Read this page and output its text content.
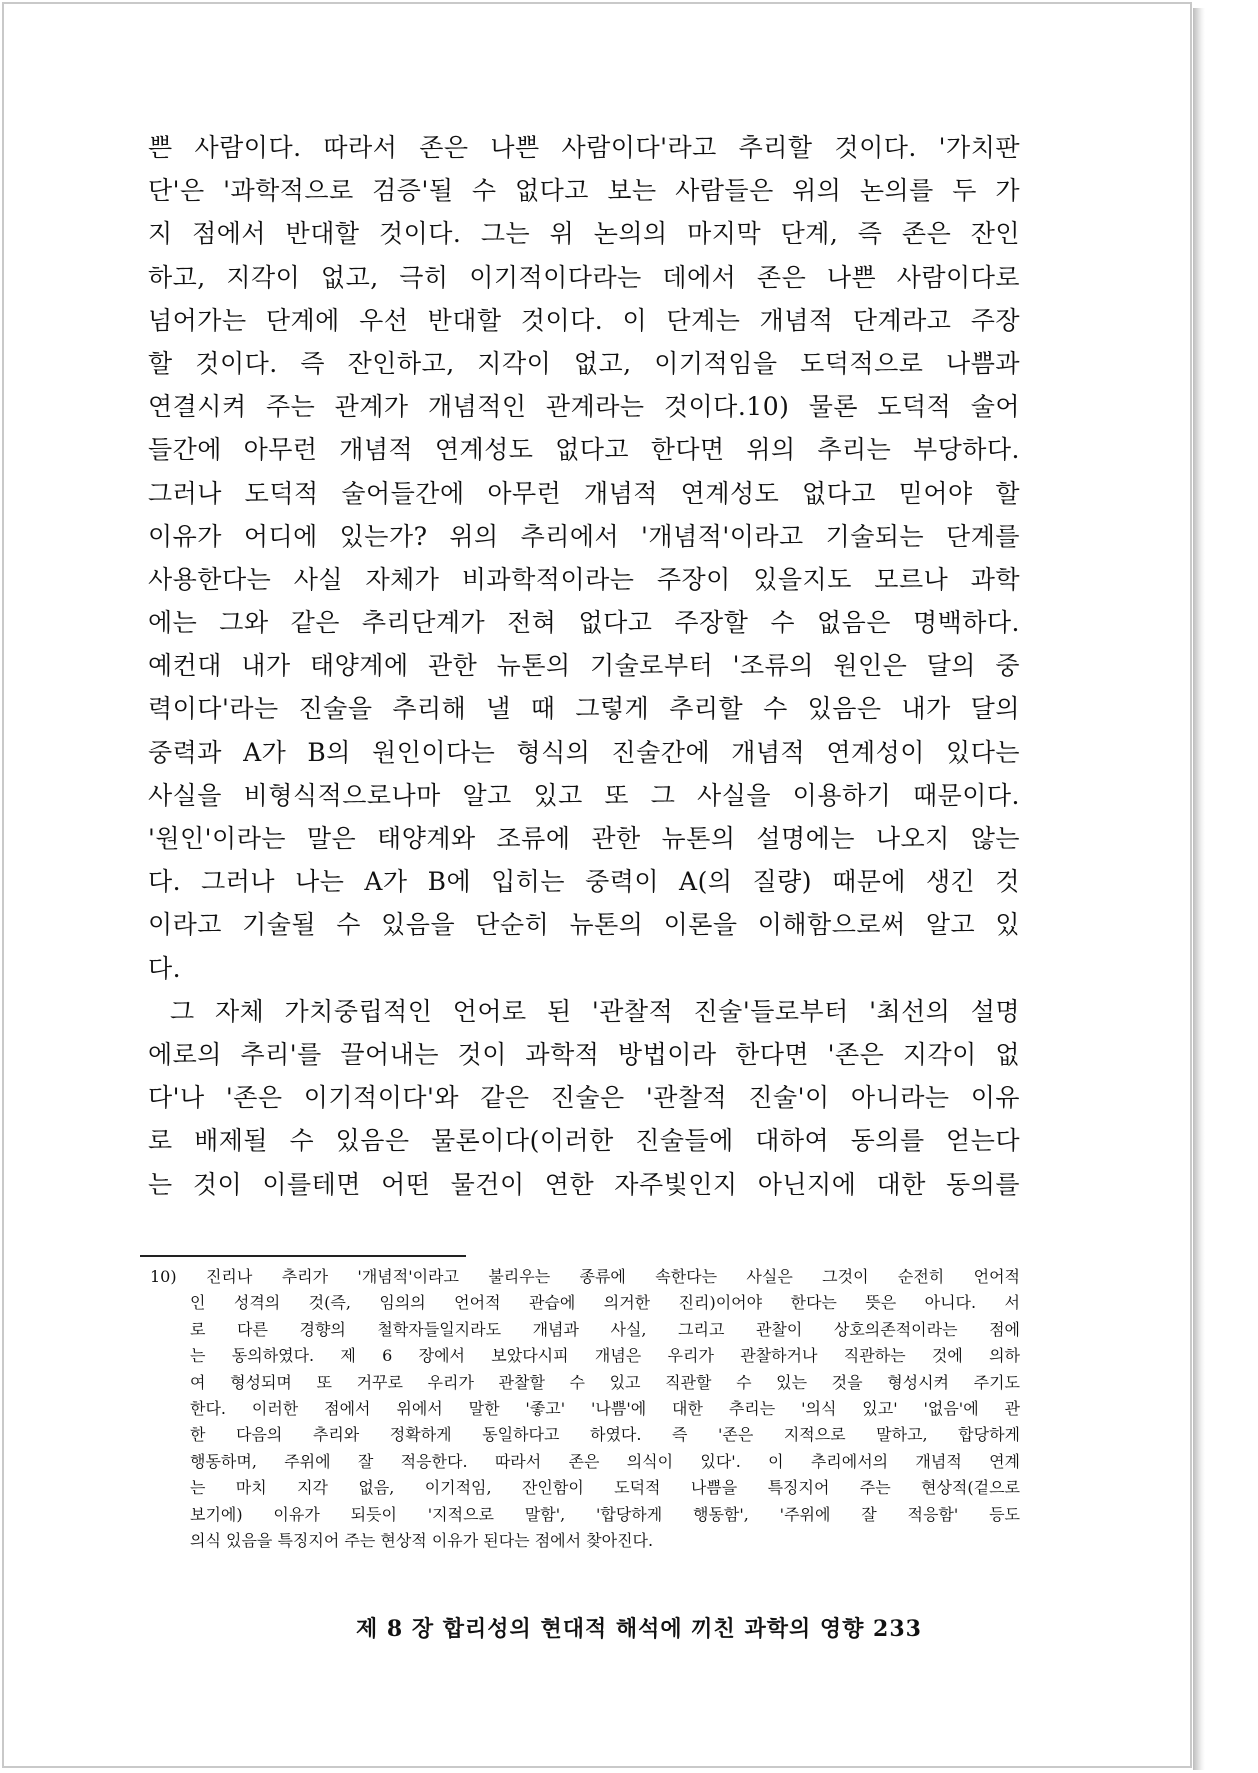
쁜 사람이다. 따라서 존은 나쁜 사람이다'라고 추리할 것이다. '가치판
단'은 '과학적으로 검증'될 수 없다고 보는 사람들은 위의 논의를 두 가
지 점에서 반대할 것이다. 그는 위 논의의 마지막 단계, 즉 존은 잔인
하고, 지각이 없고, 극히 이기적이다라는 데에서 존은 나쁜 사람이다로
넘어가는 단계에 우선 반대할 것이다. 이 단계는 개념적 단계라고 주장
할 것이다. 즉 잔인하고, 지각이 없고, 이기적임을 도덕적으로 나쁨과
연결시켜 주는 관계가 개념적인 관계라는 것이다.10) 물론 도덕적 술어
들간에 아무런 개념적 연계성도 없다고 한다면 위의 추리는 부당하다.
그러나 도덕적 술어들간에 아무런 개념적 연계성도 없다고 믿어야 할
이유가 어디에 있는가? 위의 추리에서 '개념적'이라고 기술되는 단계를
사용한다는 사실 자체가 비과학적이라는 주장이 있을지도 모르나 과학
에는 그와 같은 추리단계가 전혀 없다고 주장할 수 없음은 명백하다.
예컨대 내가 태양계에 관한 뉴톤의 기술로부터 '조류의 원인은 달의 중
력이다'라는 진술을 추리해 낼 때 그렇게 추리할 수 있음은 내가 달의
중력과 A가 B의 원인이다는 형식의 진술간에 개념적 연계성이 있다는
사실을 비형식적으로나마 알고 있고 또 그 사실을 이용하기 때문이다.
'원인'이라는 말은 태양계와 조류에 관한 뉴톤의 설명에는 나오지 않는
다. 그러나 나는 A가 B에 입히는 중력이 A(의 질량) 때문에 생긴 것
이라고 기술될 수 있음을 단순히 뉴톤의 이론을 이해함으로써 알고 있
다.
그 자체 가치중립적인 언어로 된 '관찰적 진술'들로부터 '최선의 설명
에로의 추리'를 끌어내는 것이 과학적 방법이라 한다면 '존은 지각이 없
다'나 '존은 이기적이다'와 같은 진술은 '관찰적 진술'이 아니라는 이유
로 배제될 수 있음은 물론이다(이러한 진술들에 대하여 동의를 얻는다
는 것이 이를테면 어떤 물건이 연한 자주빛인지 아닌지에 대한 동의를
10) 진리나 추리가 '개념적'이라고 불리우는 종류에 속한다는 사실은 그것이 순전히 언어적
인 성격의 것(즉, 임의의 언어적 관습에 의거한 진리)이어야 한다는 뜻은 아니다. 서
로 다른 경향의 철학자들일지라도 개념과 사실, 그리고 관찰이 상호의존적이라는 점에
는 동의하였다. 제 6 장에서 보았다시피 개념은 우리가 관찰하거나 직관하는 것에 의하
여 형성되며 또 거꾸로 우리가 관찰할 수 있고 직관할 수 있는 것을 형성시켜 주기도
한다. 이러한 점에서 위에서 말한 '좋고' '나쁨'에 대한 추리는 '의식 있고' '없음'에 관
한 다음의 추리와 정확하게 동일하다고 하였다. 즉 '존은 지적으로 말하고, 합당하게
행동하며, 주위에 잘 적응한다. 따라서 존은 의식이 있다'. 이 추리에서의 개념적 연계
는 마치 지각 없음, 이기적임, 잔인함이 도덕적 나쁨을 특징지어 주는 현상적(겉으로
보기에) 이유가 되듯이 '지적으로 말함', '합당하게 행동함', '주위에 잘 적응함' 등도
의식 있음을 특징지어 주는 현상적 이유가 된다는 점에서 찾아진다.
제 8 장 합리성의 현대적 해석에 끼친 과학의 영향 233
